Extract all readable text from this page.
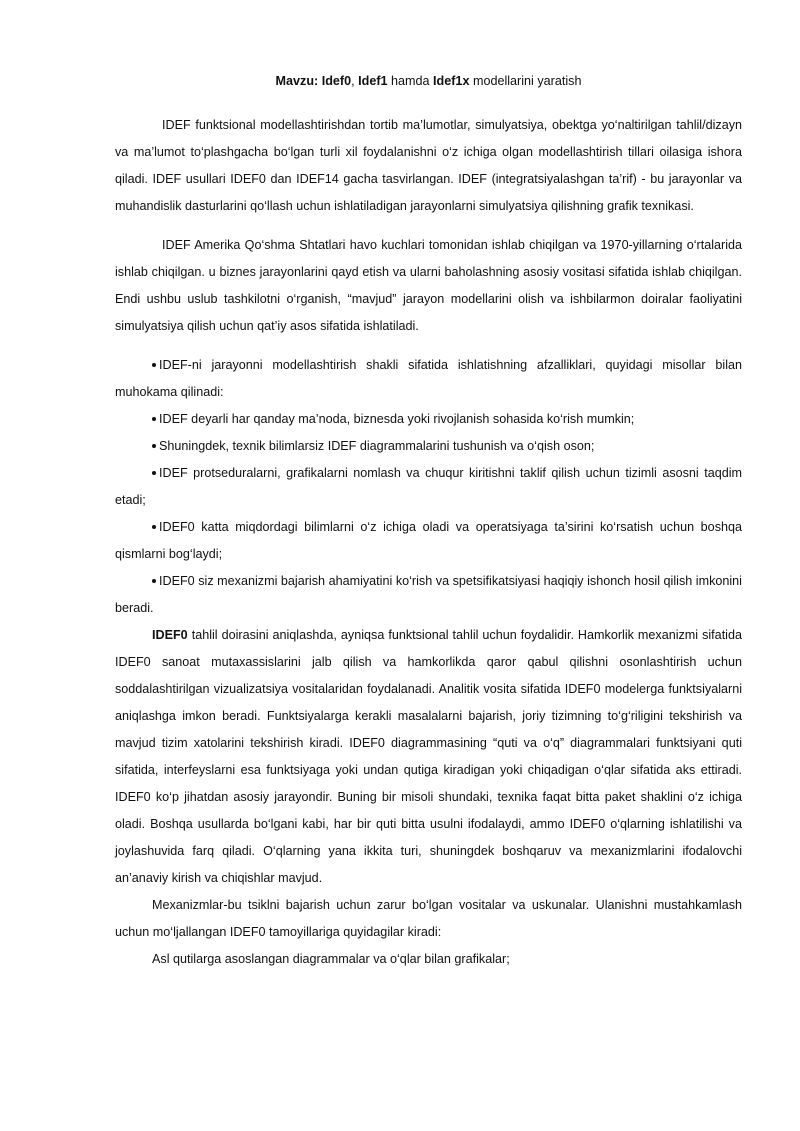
Mavzu: Idef0, Idef1 hamda Idef1x modellarini yaratish

IDEF funktsional modellashtirishdan tortib ma’lumotlar, simulyatsiya, obektga yo‘naltirilgan tahlil/dizayn va ma’lumot to‘plashgacha bo‘lgan turli xil foydalanishni o‘z ichiga olgan modellashtirish tillari oilasiga ishora qiladi. IDEF usullari IDEF0 dan IDEF14 gacha tasvirlangan. IDEF (integratsiyalashgan ta’rif) - bu jarayonlar va muhandislik dasturlarini qo‘llash uchun ishlatiladigan jarayonlarni simulyatsiya qilishning grafik texnikasi.

IDEF Amerika Qo‘shma Shtatlari havo kuchlari tomonidan ishlab chiqilgan va 1970-yillarning o‘rtalarida ishlab chiqilgan. u biznes jarayonlarini qayd etish va ularni baholashning asosiy vositasi sifatida ishlab chiqilgan. Endi ushbu uslub tashkilotni o‘rganish, “mavjud” jarayon modellarini olish va ishbilarmon doiralar faoliyatini simulyatsiya qilish uchun qat’iy asos sifatida ishlatiladi.

IDEF-ni jarayonni modellashtirish shakli sifatida ishlatishning afzalliklari, quyidagi misollar bilan muhokama qilinadi:

IDEF deyarli har qanday ma’noda, biznesda yoki rivojlanish sohasida ko‘rish mumkin;

Shuningdek, texnik bilimlarsiz IDEF diagrammalarini tushunish va o‘qish oson;

IDEF protseduralarni, grafikalarni nomlash va chuqur kiritishni taklif qilish uchun tizimli asosni taqdim etadi;

IDEF0 katta miqdordagi bilimlarni o‘z ichiga oladi va operatsiyaga ta’sirini ko‘rsatish uchun boshqa qismlarni bog‘laydi;

IDEF0 siz mexanizmi bajarish ahamiyatini ko‘rish va spetsifikatsiyasi haqiqiy ishonch hosil qilish imkonini beradi.

IDEF0 tahlil doirasini aniqlashda, ayniqsa funktsional tahlil uchun foydalidir. Hamkorlik mexanizmi sifatida IDEF0 sanoat mutaxassislarini jalb qilish va hamkorlikda qaror qabul qilishni osonlashtirish uchun soddalashtirilgan vizualizatsiya vositalaridan foydalanadi. Analitik vosita sifatida IDEF0 modelerga funktsiyalarni aniqlashga imkon beradi. Funktsiyalarga kerakli masalalarni bajarish, joriy tizimning to‘g‘riligini tekshirish va mavjud tizim xatolarini tekshirish kiradi. IDEF0 diagrammasining “quti va o‘q” diagrammalari funktsiyani quti sifatida, interfeyslarni esa funktsiyaga yoki undan qutiga kiradigan yoki chiqadigan o‘qlar sifatida aks ettiradi. IDEF0 ko‘p jihatdan asosiy jarayondir. Buning bir misoli shundaki, texnika faqat bitta paket shaklini o‘z ichiga oladi. Boshqa usullarda bo‘lgani kabi, har bir quti bitta usulni ifodalaydi, ammo IDEF0 o‘qlarning ishlatilishi va joylashuvida farq qiladi. O‘qlarning yana ikkita turi, shuningdek boshqaruv va mexanizmlarini ifodalovchi an’anaviy kirish va chiqishlar mavjud.

Mexanizmlar-bu tsiklni bajarish uchun zarur bo‘lgan vositalar va uskunalar. Ulanishni mustahkamlash uchun mo‘ljallangan IDEF0 tamoyillariga quyidagilar kiradi:

Asl qutilarga asoslangan diagrammalar va o‘qlar bilan grafikalar;
